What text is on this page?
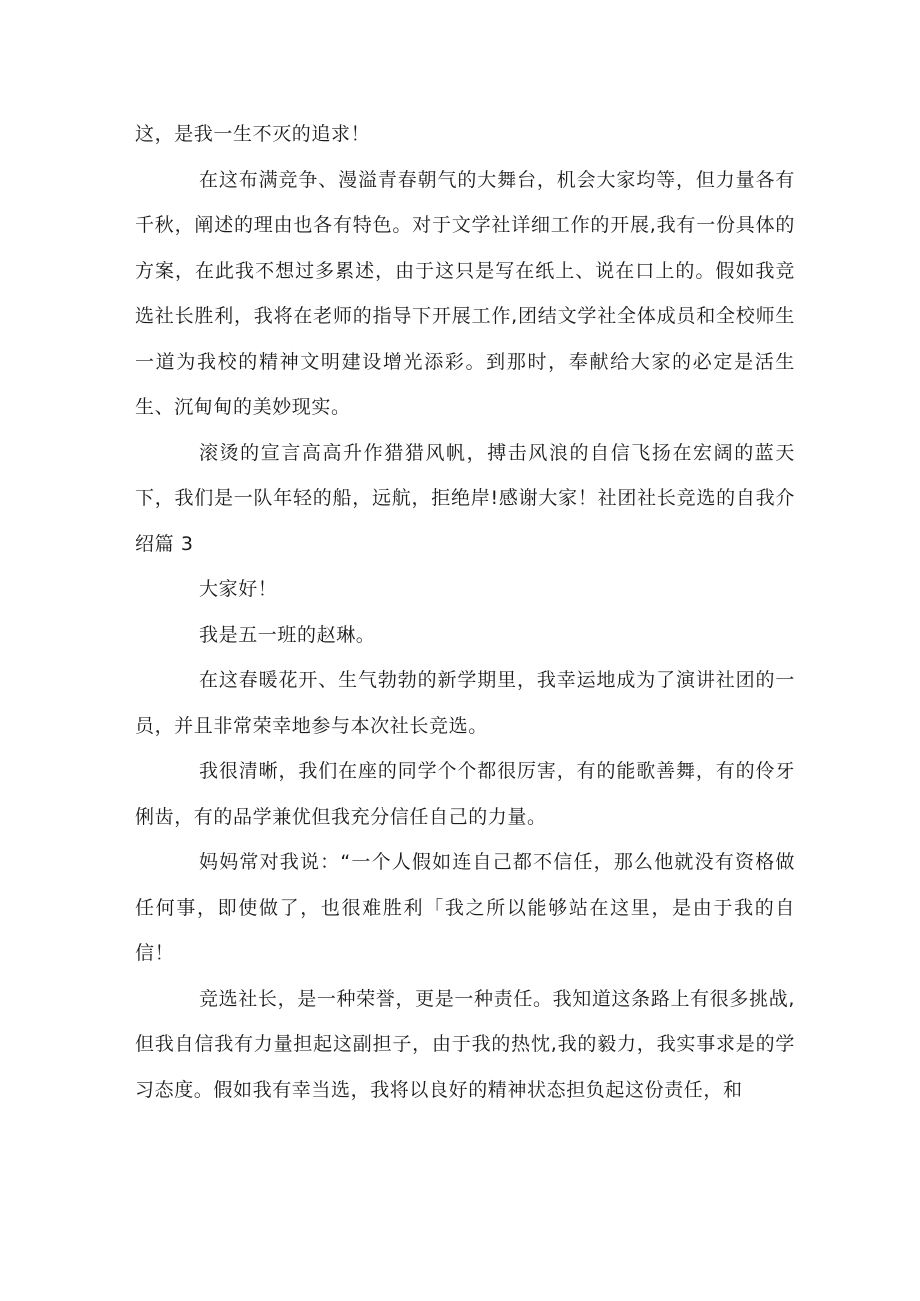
这，是我一生不灭的追求！

在这布满竞争、漫溢青春朝气的大舞台，机会大家均等，但力量各有千秋，阐述的理由也各有特色。对于文学社详细工作的开展,我有一份具体的方案，在此我不想过多累述，由于这只是写在纸上、说在口上的。假如我竞选社长胜利，我将在老师的指导下开展工作,团结文学社全体成员和全校师生一道为我校的精神文明建设增光添彩。到那时，奉献给大家的必定是活生生、沉甸甸的美妙现实。

滚烫的宣言高高升作猎猎风帆，搏击风浪的自信飞扬在宏阔的蓝天下，我们是一队年轻的船，远航，拒绝岸!感谢大家！社团社长竞选的自我介绍篇 3

大家好！

我是五一班的赵琳。

在这春暖花开、生气勃勃的新学期里，我幸运地成为了演讲社团的一员，并且非常荣幸地参与本次社长竞选。

我很清晰，我们在座的同学个个都很厉害，有的能歌善舞，有的伶牙俐齿，有的品学兼优但我充分信任自己的力量。

妈妈常对我说：“一个人假如连自己都不信任，那么他就没有资格做任何事，即使做了，也很难胜利「我之所以能够站在这里，是由于我的自信！

竞选社长，是一种荣誉，更是一种责任。我知道这条路上有很多挑战,但我自信我有力量担起这副担子，由于我的热忱,我的毅力，我实事求是的学习态度。假如我有幸当选，我将以良好的精神状态担负起这份责任，和
